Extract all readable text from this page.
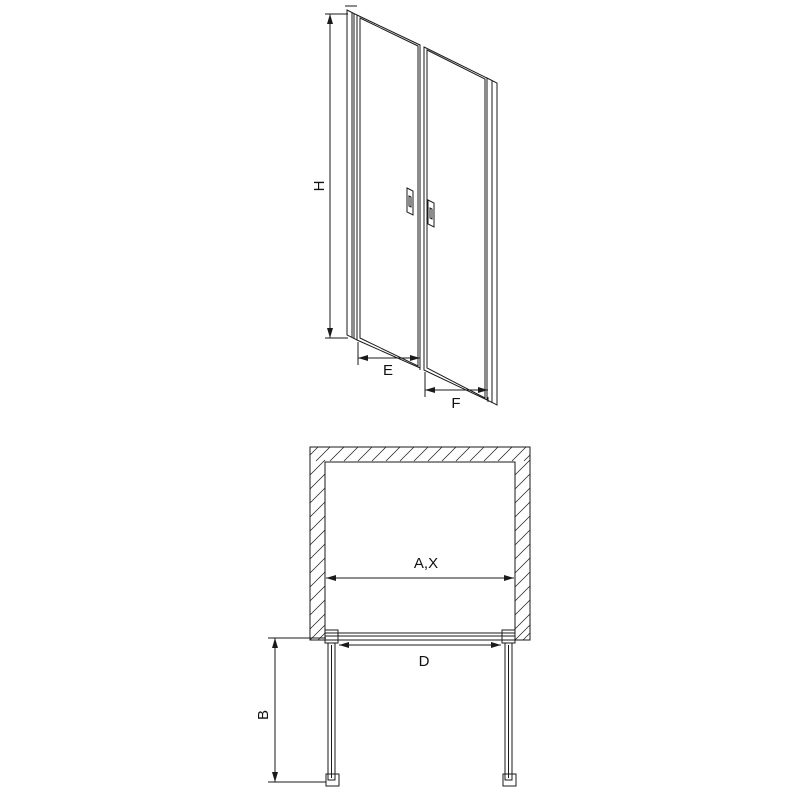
H
E
F
A,X
D
B
